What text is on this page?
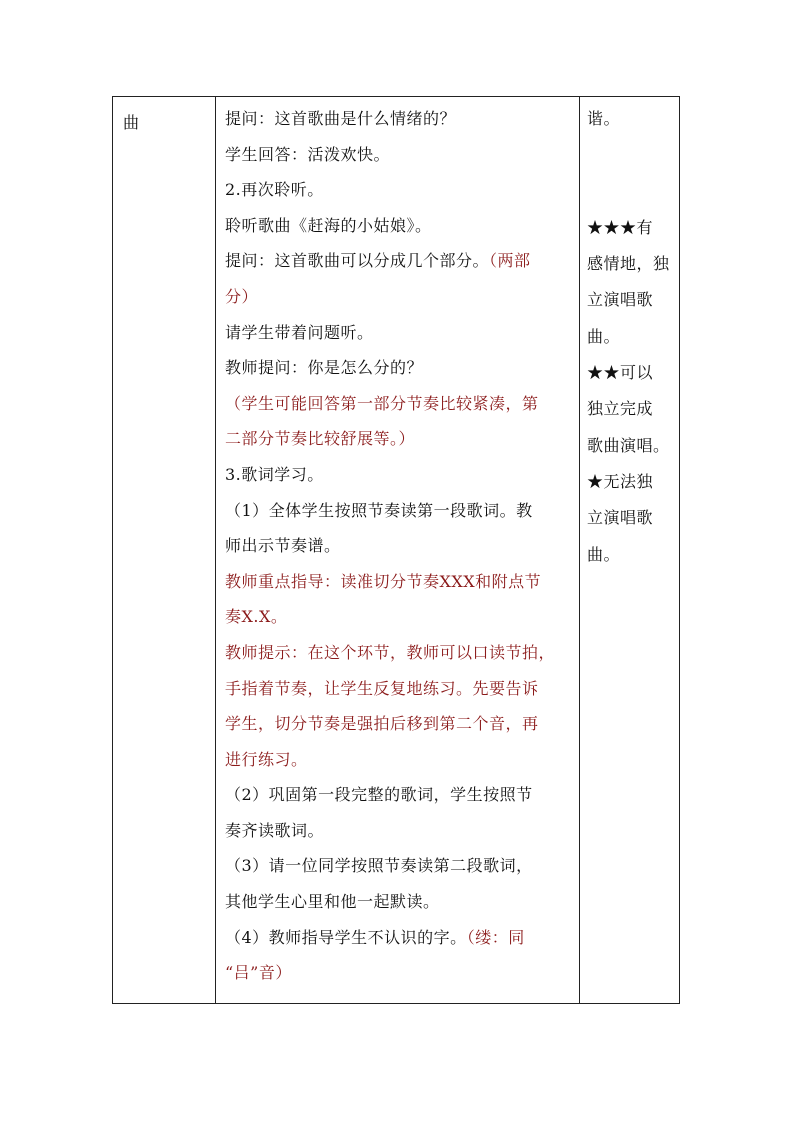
曲	提问：这首歌曲是什么情绪的？
学生回答：活泼欢快。
2.再次聆听。
聆听歌曲《赶海的小姑娘》。
提问：这首歌曲可以分成几个部分。（两部
分）
请学生带着问题听。
教师提问：你是怎么分的？
（学生可能回答第一部分节奏比较紧凑，第
二部分节奏比较舒展等。）
3.歌词学习。
（1）全体学生按照节奏读第一段歌词。教
师出示节奏谱。
教师重点指导：读准切分节奏XXX和附点节
奏X.X。
教师提示：在这个环节，教师可以口读节拍，
手指着节奏，让学生反复地练习。先要告诉
学生，切分节奏是强拍后移到第二个音，再
进行练习。
（2）巩固第一段完整的歌词，学生按照节
奏齐读歌词。
（3）请一位同学按照节奏读第二段歌词，
其他学生心里和他一起默读。
（4）教师指导学生不认识的字。（缕：同
“吕”音）
谐。

★★★有
感情地，独
立演唱歌
曲。
★★可以
独立完成
歌曲演唱。
★无法独
立演唱歌
曲。
